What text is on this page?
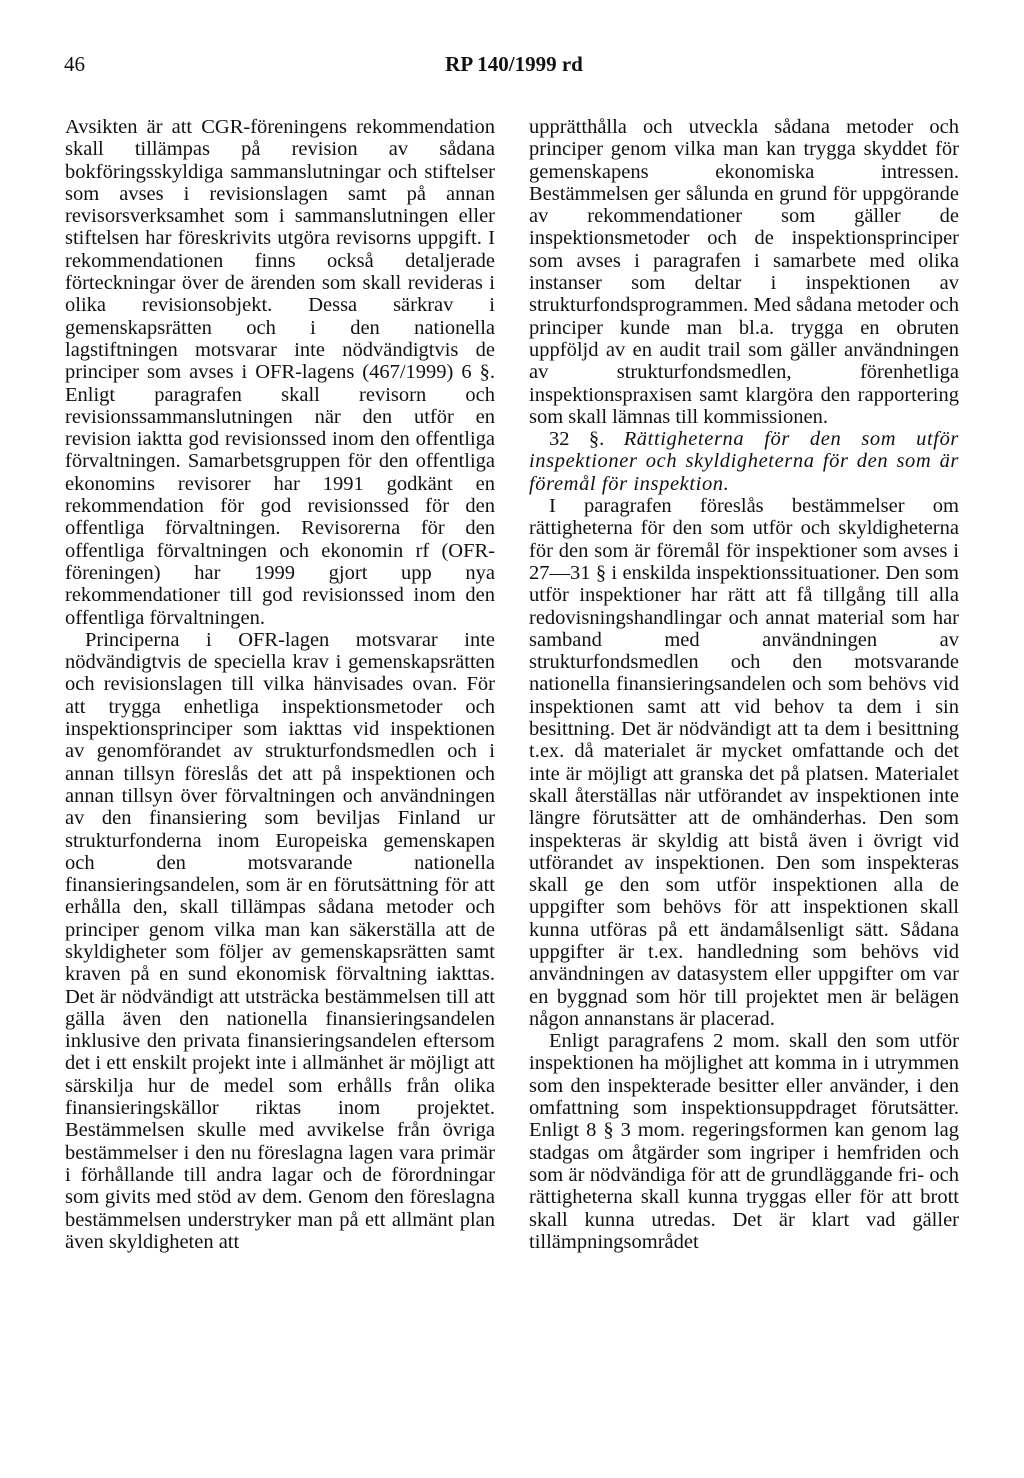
46	RP 140/1999 rd

Avsikten är att CGR-föreningens rekommendation skall tillämpas på revision av sådana bokföringsskyldiga sammanslutningar och stiftelser som avses i revisionslagen samt på annan revisorsverksamhet som i sammanslutningen eller stiftelsen har föreskrivits utgöra revisorns uppgift. I rekommendationen finns också detaljerade förteckningar över de ärenden som skall revideras i olika revisionsobjekt. Dessa särkrav i gemenskapsrätten och i den nationella lagstiftningen motsvarar inte nödvändigtvis de principer som avses i OFR-lagens (467/1999) 6 §. Enligt paragrafen skall revisorn och revisionssammanslutningen när den utför en revision iaktta god revisionssed inom den offentliga förvaltningen. Samarbetsgruppen för den offentliga ekonomins revisorer har 1991 godkänt en rekommendation för god revisionssed för den offentliga förvaltningen. Revisorerna för den offentliga förvaltningen och ekonomin rf (OFR-föreningen) har 1999 gjort upp nya rekommendationer till god revisionssed inom den offentliga förvaltningen.

Principerna i OFR-lagen motsvarar inte nödvändigtvis de speciella krav i gemenskapsrätten och revisionslagen till vilka hänvisades ovan. För att trygga enhetliga inspektionsmetoder och inspektionsprinciper som iakttas vid inspektionen av genomförandet av strukturfondsmedlen och i annan tillsyn föreslås det att på inspektionen och annan tillsyn över förvaltningen och användningen av den finansiering som beviljas Finland ur strukturfonderna inom Europeiska gemenskapen och den motsvarande nationella finansieringsandelen, som är en förutsättning för att erhålla den, skall tillämpas sådana metoder och principer genom vilka man kan säkerställa att de skyldigheter som följer av gemenskapsrätten samt kraven på en sund ekonomisk förvaltning iakttas. Det är nödvändigt att utsträcka bestämmelsen till att gälla även den nationella finansieringsandelen inklusive den privata finansieringsandelen eftersom det i ett enskilt projekt inte i allmänhet är möjligt att särskilja hur de medel som erhålls från olika finansieringskällor riktas inom projektet. Bestämmelsen skulle med avvikelse från övriga bestämmelser i den nu föreslagna lagen vara primär i förhållande till andra lagar och de förordningar som givits med stöd av dem. Genom den föreslagna bestämmelsen understryker man på ett allmänt plan även skyldigheten att

upprätthålla och utveckla sådana metoder och principer genom vilka man kan trygga skyddet för gemenskapens ekonomiska intressen. Bestämmelsen ger sålunda en grund för uppgörande av rekommendationer som gäller de inspektionsmetoder och de inspektionsprinciper som avses i paragrafen i samarbete med olika instanser som deltar i inspektionen av strukturfondsprogrammen. Med sådana metoder och principer kunde man bl.a. trygga en obruten uppföljd av en audit trail som gäller användningen av strukturfondsmedlen, förenhetliga inspektionspraxisen samt klargöra den rapportering som skall lämnas till kommissionen.

32 §. Rättigheterna för den som utför inspektioner och skyldigheterna för den som är föremål för inspektion.

I paragrafen föreslås bestämmelser om rättigheterna för den som utför och skyldigheterna för den som är föremål för inspektioner som avses i 27—31 § i enskilda inspektionssituationer. Den som utför inspektioner har rätt att få tillgång till alla redovisningshandlingar och annat material som har samband med användningen av strukturfondsmedlen och den motsvarande nationella finansieringsandelen och som behövs vid inspektionen samt att vid behov ta dem i sin besittning. Det är nödvändigt att ta dem i besittning t.ex. då materialet är mycket omfattande och det inte är möjligt att granska det på platsen. Materialet skall återställas när utförandet av inspektionen inte längre förutsätter att de omhänderhas. Den som inspekteras är skyldig att bistå även i övrigt vid utförandet av inspektionen. Den som inspekteras skall ge den som utför inspektionen alla de uppgifter som behövs för att inspektionen skall kunna utföras på ett ändamålsenligt sätt. Sådana uppgifter är t.ex. handledning som behövs vid användningen av datasystem eller uppgifter om var en byggnad som hör till projektet men är belägen någon annanstans är placerad.

Enligt paragrafens 2 mom. skall den som utför inspektionen ha möjlighet att komma in i utrymmen som den inspekterade besitter eller använder, i den omfattning som inspektionsuppdraget förutsätter. Enligt 8 § 3 mom. regeringsformen kan genom lag stadgas om åtgärder som ingriper i hemfriden och som är nödvändiga för att de grundläggande fri- och rättigheterna skall kunna tryggas eller för att brott skall kunna utredas. Det är klart vad gäller tillämpningsområdet
